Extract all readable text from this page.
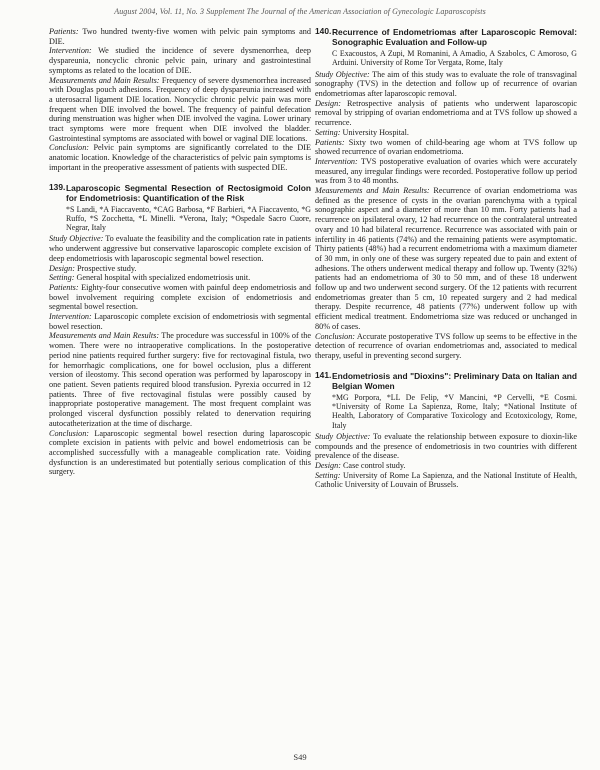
August 2004, Vol. 11, No. 3 Supplement The Journal of the American Association of Gynecologic Laparoscopists

Patients: Two hundred twenty-five women with pelvic pain symptoms and DIE.

Intervention: We studied the incidence of severe dysmenorrhea, deep dyspareunia, noncyclic chronic pelvic pain, urinary and gastrointestinal symptoms as related to the location of DIE.

Measurements and Main Results: Frequency of severe dysmenorrhea increased with Douglas pouch adhesions. Frequency of deep dyspareunia increased with a uterosacral ligament DIE location. Noncyclic chronic pelvic pain was more frequent when DIE involved the bowel. The frequency of painful defecation during menstruation was higher when DIE involved the vagina. Lower urinary tract symptoms were more frequent when DIE involved the bladder. Gastrointestinal symptoms are associated with bowel or vaginal DIE locations.

Conclusion: Pelvic pain symptoms are significantly correlated to the DIE anatomic location. Knowledge of the characteristics of pelvic pain symptoms is important in the preoperative assessment of patients with suspected DIE.

139. Laparoscopic Segmental Resection of Rectosigmoid Colon for Endometriosis: Quantification of the Risk

*S Landi, *A Fiaccavento, *CAG Barbosa, *F Barbieri, *A Fiaccavento, *G Ruffo, *S Zocchetta, *L Minelli. *Verona, Italy; *Ospedale Sacro Cuore, Negrar, Italy

Study Objective: To evaluate the feasibility and the complication rate in patients who underwent aggressive but conservative laparoscopic complete excision of deep endometriosis with laparoscopic segmental bowel resection.

Design: Prospective study.

Setting: General hospital with specialized endometriosis unit.

Patients: Eighty-four consecutive women with painful deep endometriosis and bowel involvement requiring complete excision of endometriosis and segmental bowel resection.

Intervention: Laparoscopic complete excision of endometriosis with segmental bowel resection.

Measurements and Main Results: The procedure was successful in 100% of the women. There were no intraoperative complications. In the postoperative period nine patients required further surgery: five for rectovaginal fistula, two for hemorrhagic complications, one for bowel occlusion, plus a different version of ileostomy. This second operation was performed by laparoscopy in one patient. Seven patients required blood transfusion. Pyrexia occurred in 12 patients. Three of five rectovaginal fistulas were possibly caused by inappropriate postoperative management. The most frequent complaint was prolonged visceral dysfunction possibly related to denervation requiring autocatheterization at the time of discharge.

Conclusion: Laparoscopic segmental bowel resection during laparoscopic complete excision in patients with pelvic and bowel endometriosis can be accomplished successfully with a manageable complication rate. Voiding dysfunction is an underestimated but potentially serious complication of this surgery.

140. Recurrence of Endometriomas after Laparoscopic Removal: Sonographic Evaluation and Follow-up

C Exacoustos, A Zupi, M Romanini, A Amadio, A Szabolcs, C Amoroso, G Arduini. University of Rome Tor Vergata, Rome, Italy

Study Objective: The aim of this study was to evaluate the role of transvaginal sonography (TVS) in the detection and follow up of recurrence of ovarian endometriomas after laparoscopic removal.

Design: Retrospective analysis of patients who underwent laparoscopic removal by stripping of ovarian endometrioma and at TVS follow up showed a recurrence.

Setting: University Hospital.

Patients: Sixty two women of child-bearing age whom at TVS follow up showed recurrence of ovarian endometrioma.

Intervention: TVS postoperative evaluation of ovaries which were accurately measured, any irregular findings were recorded. Postoperative follow up period was from 3 to 48 months.

Measurements and Main Results: Recurrence of ovarian endometrioma was defined as the presence of cysts in the ovarian parenchyma with a typical sonographic aspect and a diameter of more than 10 mm. Forty patients had a recurrence on ipsilateral ovary, 12 had recurrence on the contralateral untreated ovary and 10 had bilateral recurrence. Recurrence was associated with pain or infertility in 46 patients (74%) and the remaining patients were asymptomatic. Thirty patients (48%) had a recurrent endometrioma with a maximum diameter of 30 mm, in only one of these was surgery repeated due to pain and extent of adhesions. The others underwent medical therapy and follow up. Twenty (32%) patients had an endometrioma of 30 to 50 mm, and of these 18 underwent follow up and two underwent second surgery. Of the 12 patients with recurrent endometriomas greater than 5 cm, 10 repeated surgery and 2 had medical therapy. Despite recurrence, 48 patients (77%) underwent follow up with efficient medical treatment. Endometrioma size was reduced or unchanged in 80% of cases.

Conclusion: Accurate postoperative TVS follow up seems to be effective in the detection of recurrence of ovarian endometriomas and, associated to medical therapy, useful in preventing second surgery.

141. Endometriosis and "Dioxins": Preliminary Data on Italian and Belgian Women

*MG Porpora, *LL De Felip, *V Mancini, *P Cervelli, *E Cosmi. *University of Rome La Sapienza, Rome, Italy; *National Institute of Health, Laboratory of Comparative Toxicology and Ecotoxicology, Rome, Italy

Study Objective: To evaluate the relationship between exposure to dioxin-like compounds and the presence of endometriosis in two countries with different prevalence of the disease.

Design: Case control study.

Setting: University of Rome La Sapienza, and the National Institute of Health, Catholic University of Louvain of Brussels.

S49
